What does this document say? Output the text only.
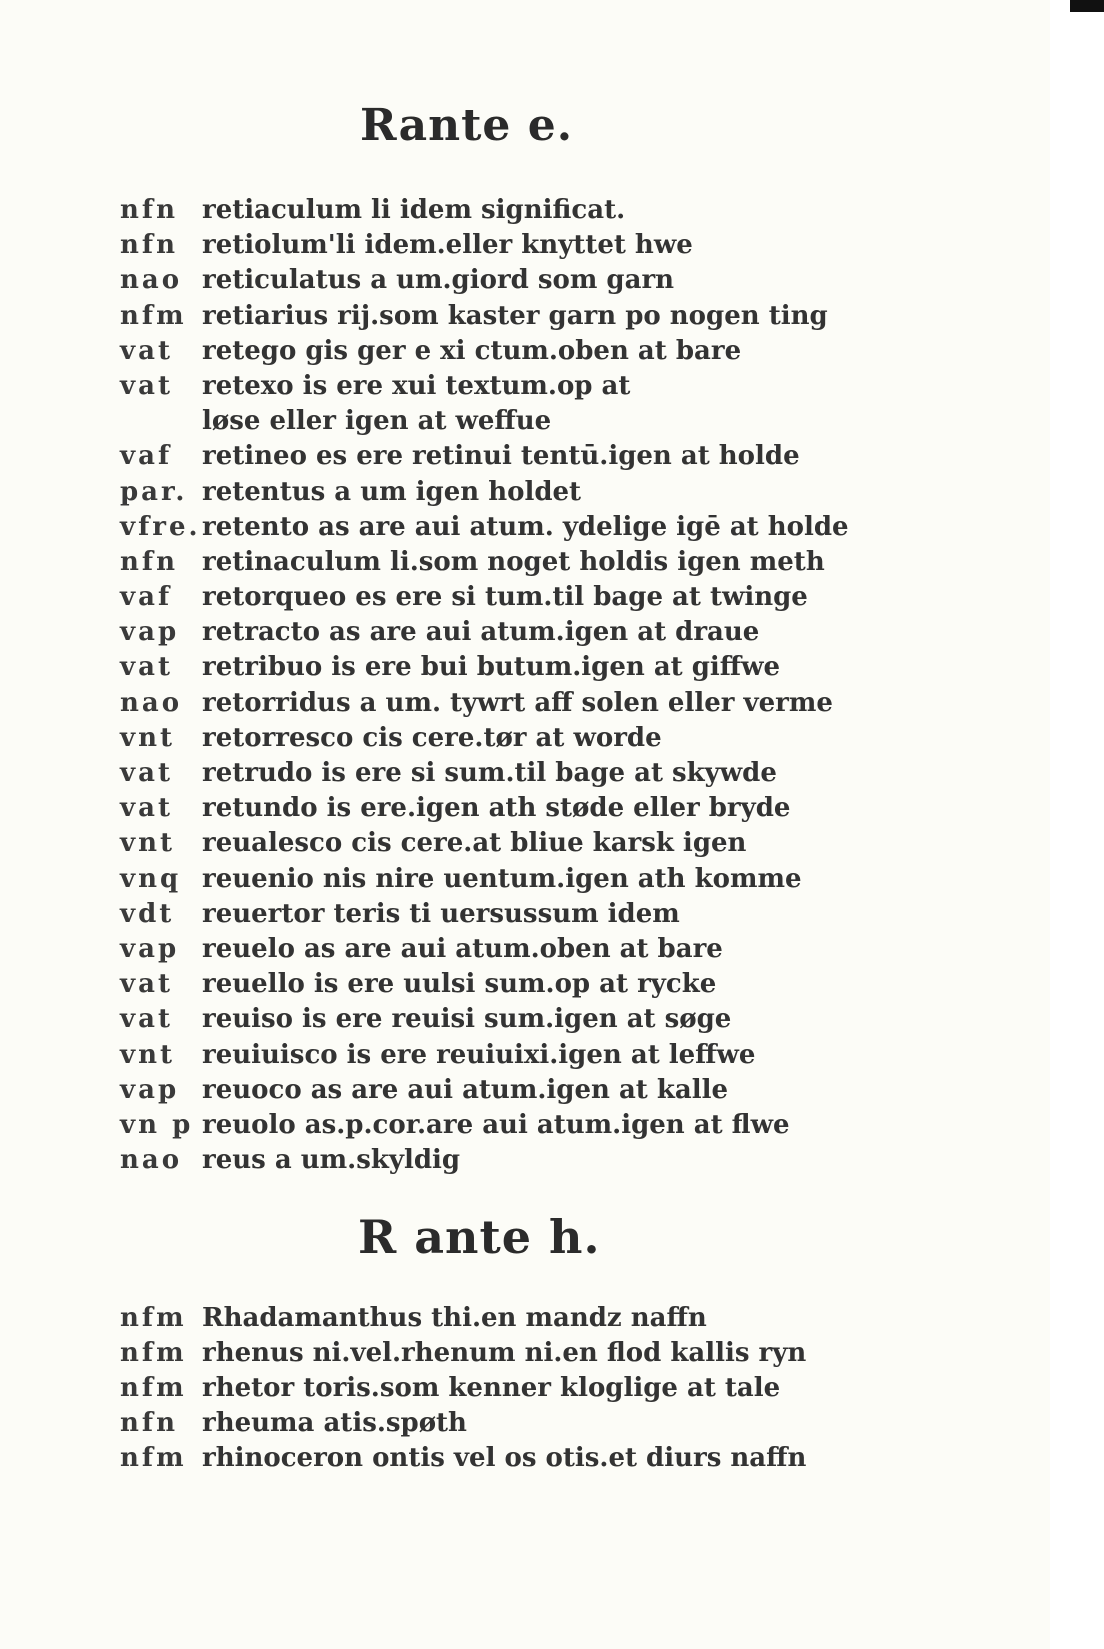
Rante e.
nfn retiaculum li idem significat.
nfn retiolum'li idem.eller knyttet hwe
nao reticulatus a um.giord som garn
nfm retiarius rij.som kaster garn po nogen ting
vat	retego gis ger e xi ctum.oben at bare
vat	retexo is ere xui textum.op at
løse eller igen at weffue
vaf	retineo es ere retinui tentū.igen at holde
par. retentus a um igen holdet
vfre. retento as are aui atum. ydelige igē at holde
nfn retinaculum li.som noget holdis igen meth
vaf	retorqueo es ere si tum.til bage at twinge
vap retracto as are aui atum.igen at draue
vat	retribuo is ere bui butum.igen at giffwe
nao retorridus a um. tywrt aff solen eller verme
vnt	retorresco cis cere.tør at worde
vat	retrudo is ere si sum.til bage at skywde
vat	retundo is ere.igen ath støde eller bryde
vnt	reualesco cis cere.at bliue karsk igen
vnq reuenio nis nire uentum.igen ath komme
vdt	reuertor teris ti uersussum idem
vap reuelo as are aui atum.oben at bare
vat	reuello is ere uulsi sum.op at rycke
vat	reuiso is ere reuisi sum.igen at søge
vnt	reuiuisco is ere reuiuixi.igen at leffwe
vap reuoco as are aui atum.igen at kalle
vn p reuolo as.p.cor.are aui atum.igen at flwe
nao reus a um.skyldig
R ante h.
nfm Rhadamanthus thi.en mandz naffn
nfm rhenus ni.vel.rhenum ni.en flod kallis ryn
nfm rhetor toris.som kenner kloglige at tale
nfn rheuma atis.spøth
nfm rhinoceron ontis vel os otis.et diurs naffn
